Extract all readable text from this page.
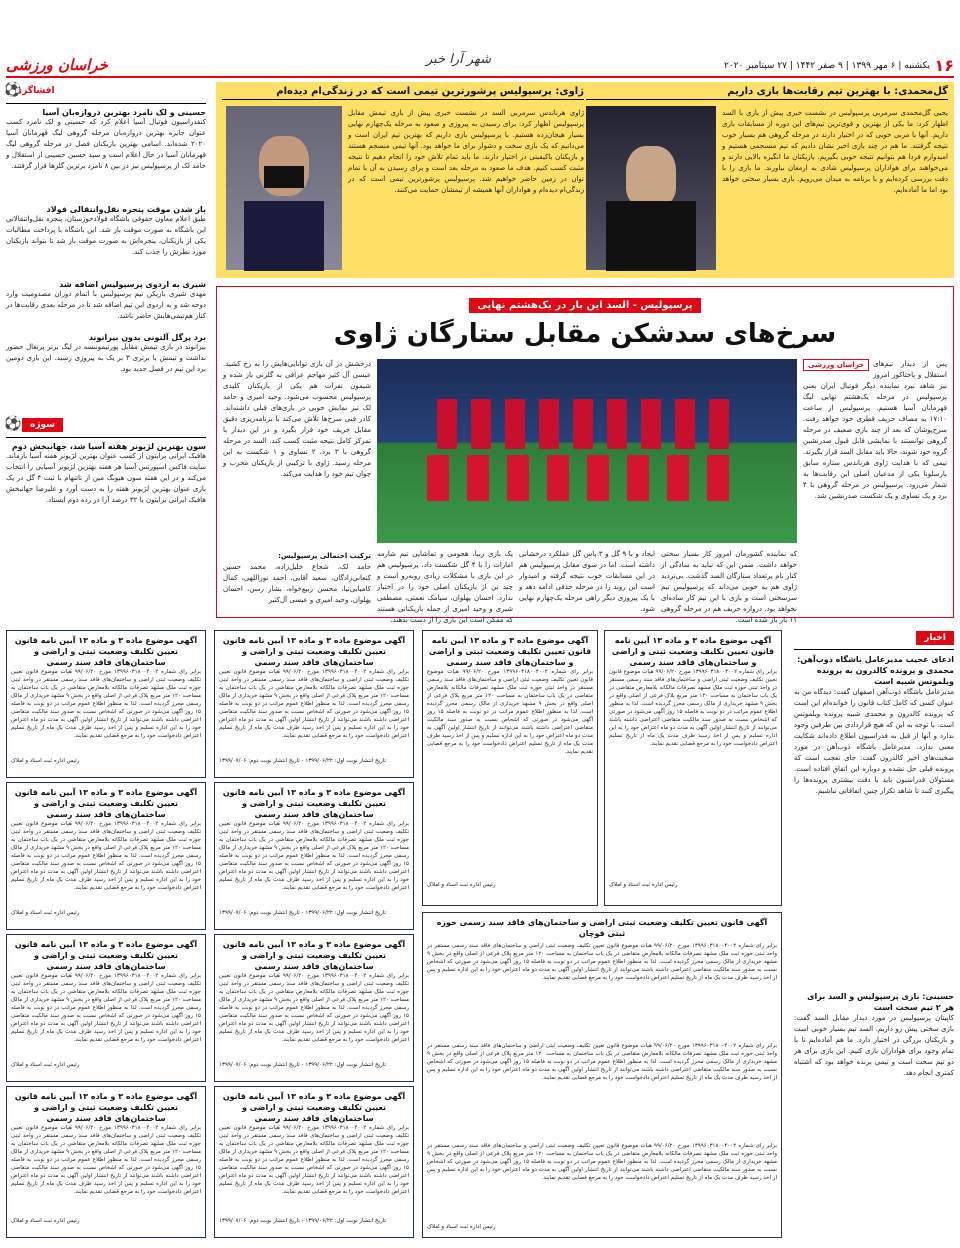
۱۶
یکشنبه | ۶ مهر ۱۳۹۹ | ۹ صفر ۱۴۴۲ | ۲۷ سپتامبر ۲۰۲۰
خراسان ورزشی	شهر آرا خبر
افشاگری
⚽
حسینی و لک نامزد بهترین دروازه‌بان آسیا
کنفدراسیون فوتبال آسیا اعلام کرد که حسینی و لک نامزد کسب عنوان جایزه بهترین دروازه‌بان مرحله گروهی لیگ قهرمانان آسیا ۲۰۲۰ شده‌اند. اسامی بهترین بازیکنان فصل در مرحله گروهی لیگ قهرمانان آسیا در حال اعلام است و سید حسین حسینی از استقلال و حامد لک از پرسپولیس نیز در بین ۸ نامزد برترین گلرها قرار گرفتند.
باز شدن موقت پنجره نقل‌وانتقالی فولاد
طبق اعلام معاون حقوقی باشگاه فولادخوزستان، پنجره نقل‌وانتقالاتی این باشگاه به صورت موقت باز شد. این باشگاه با پرداخت مطالبات یکی از بازیکنان، پنجره‌اش به صورت موقت باز شد تا بتواند بازیکنان مورد نظرش را جذب کند.
شیری به اردوی پرسپولیس اضافه شد
مهدی شیری بازیکن تیم پرسپولیس با اتمام دوران مصدومیت وارد دوحه شد و به اردوی این تیم اضافه شد تا در مرحله بعدی رقابت‌ها در کنار هم‌تیمی‌هایش حاضر باشد.
برد پرگل آلتونی بدون بیرانوند
بیرانوند در بازی تیمش مقابل پورتیموننسه در لیگ برتر پرتغال حضور نداشت و تیمش با برتری ۳ بر یک به پیروزی رسید. این بازی دومین برد این تیم در فصل جدید بود.
سوژه
⚽
سون بهترین لژیونر هفته آسیا شد، جهانبخش دوم
هافبک ایرانی برایتون از کسب عنوان بهترین لژیونر هفته آسیا بازماند. سایت فاکس اسپورتس آسیا هر هفته بهترین لژیونر آسیایی را انتخاب می‌کند و در این هفته سون هیونگ مین از تاتنهام با ثبت ۴ گل در یک بازی عنوان بهترین لژیونر هفته را به دست آورد و علیرضا جهانبخش هافبک ایرانی برایتون با ۳۲ درصد آرا در رده دوم ایستاد.
گل‌محمدی: با بهترین تیم رقابت‌ها بازی داریم
یحیی گل‌محمدی سرمربی پرسپولیس در نشست خبری پیش از بازی با السد اظهار کرد: ما یکی از بهترین و قوی‌ترین تیم‌های این دوره از مسابقات بازی داریم. آنها با مربی خوبی که در اختیار دارند در مرحله گروهی هم بسیار خوب نتیجه گرفتند. ما هم در چند بازی اخیر نشان دادیم که تیم منسجمی هستیم و امیدوارم فردا هم بتوانیم نتیجه خوبی بگیریم. بازیکنان ما انگیزه بالایی دارند و می‌خواهند برای هواداران پرسپولیس شادی به ارمغان بیاورند. ما بازی را با دقت بررسی کرده‌ایم و با برنامه به میدان می‌رویم. بازی بسیار سختی خواهد بود اما ما آماده‌ایم.
ژاوی: پرسپولیس پرشورترین تیمی است که در زندگی‌ام دیده‌ام
ژاوی هرناندس سرمربی السد در نشست خبری پیش از بازی تیمش مقابل پرسپولیس اظهار کرد: برای رسیدن به پیروزی و صعود به مرحله یک‌چهارم نهایی بسیار هیجان‌زده هستیم. با پرسپولیس بازی داریم که بهترین تیم ایران است و می‌دانیم که یک بازی سخت و دشوار برای ما خواهد بود. آنها تیمی منسجم هستند و بازیکنان باکیفیتی در اختیار دارند. ما باید تمام تلاش خود را انجام دهیم تا نتیجه مثبت کسب کنیم. هدف ما صعود به مرحله بعد است و برای رسیدن به آن با تمام توان در زمین حاضر خواهیم شد. پرسپولیس پرشورترین تیمی است که در زندگی‌ام دیده‌ام و هواداران آنها همیشه از تیمشان حمایت می‌کنند.
پرسپولیس - السد این بار در یک‌هشتم نهایی
سرخ‌های سدشکن مقابل ستارگان ژاوی
خراسان ورزشی	پس از دیدار تیم‌های استقلال و پاختاکور امروز نیز شاهد نبرد نماینده دیگر فوتبال ایران یعنی پرسپولیس در مرحله یک‌هشتم نهایی لیگ قهرمانان آسیا هستیم. پرسپولیس از ساعت ۱۷:۱۰ به مصاف حریف قطری خود خواهد رفت. سرخ‌پوشان که بعد از چند بازی ضعیف در مرحله گروهی توانستند با نمایشی قابل قبول صدرنشین گروه خود شوند، حالا باید مقابل السد قرار بگیرند. تیمی که با هدایت ژاوی هرناندس ستاره سابق بارسلونا یکی از مدعیان اصلی این رقابت‌ها به شمار می‌رود. پرسپولیس در مرحله گروهی با ۴ برد و یک تساوی و یک شکست صدرنشین شد.
که نماینده کشورمان امروز کار بسیار سختی خواهد داشت. ضمن این که نباید به سادگی از کنار نام پرتعداد ستارگان السد گذشت. بی‌تردید ژاوی هم به خوبی می‌داند که پرسپولیس تیم سرسختی است و بازی با این تیم کار ساده‌ای نخواهد بود. دروازه حریف هم در مرحله گروهی ۱۱ بار باز شده است.
ایجاد و با ۹ گل و ۳ پاس گل عملکرد درخشانی داشته است. اما در سوی مقابل پرسپولیس هم در این مسابقات خوب نتیجه گرفته و امیدوار است این روند را در مرحله حذفی ادامه دهد و با یک پیروزی دیگر راهی مرحله یک‌چهارم نهایی شود.
یک بازی زیبا، هجومی و تماشایی تیم شارمه امارات را با ۴ گل شکست داد. پرسپولیس هم در این بازی با مشکلات زیادی روبه‌رو است و چند تن از بازیکنان اصلی خود را در اختیار ندارد. احسان پهلوان، سیامک نعمتی، مصطفی شیری و وحید امیری از جمله بازیکنانی هستند که ممکن است این بازی را از دست بدهند.
درخشش در آن بازی توانایی‌هایش را به رخ کشید. عیسی آل کثیر مهاجم عراقی به گلزنی باز شده و شیمون تفرات هم یکی از بازیکنان کلیدی پرسپولیس محسوب می‌شود. وحید امیری و حامد لک نیز نمایش خوبی در بازی‌های قبلی داشته‌اند. کادر فنی سرخ‌ها تلاش می‌کند با برنامه‌ریزی دقیق مقابل حریف خود قرار بگیرد و در این دیدار با تمرکز کامل نتیجه مثبت کسب کند. السد در مرحله گروهی با ۳ برد، ۲ تساوی و ۱ شکست به این مرحله رسید. ژاوی با ترکیبی از بازیکنان مجرب و جوان تیم خود را هدایت می‌کند.
ترکیب احتمالی پرسپولیس:
حامد لک، شجاع خلیل‌زاده، محمد حسین کنعانی‌زادگان، سعید آقایی، احمد نوراللهی، کمال کامیابی‌نیا، محسن ربیع‌خواه، بشار رسن، احسان پهلوان، وحید امیری و عیسی آل‌کثیر
اخبار
ادعای عجیب مدیرعامل باشگاه ذوب‌آهن: محمدی و پرونده کالدرون به پرونده ویلموتس شبیه است
مدیرعامل باشگاه ذوب‌آهن اصفهان گفت: دیدگاه من به عنوان کسی که کامل کتاب قانون را خوانده‌ام این است که پرونده کالدرون و محمدی شبیه پرونده ویلموتس است. با توجه به این که هیچ قراردادی بین طرفین وجود ندارد و آنها از قبل به فدراسیون اطلاع داده‌اند شکایت معنی ندارد. مدیرعامل باشگاه ذوب‌آهن در مورد صحبت‌های اخیر کالدرون گفت: جای تعجب است که پرونده قبلی حل نشده و دوباره این اتفاق افتاده است. مسئولان فدراسیون باید با دقت بیشتری پرونده‌ها را پیگیری کنند تا شاهد تکرار چنین اتفاقاتی نباشیم.
حسینی: بازی پرسپولیس و السد برای هر ۲ تیم سخت است
کاپیتان پرسپولیس در مورد دیدار مقابل السد گفت: بازی سختی پیش رو داریم. السد تیم بسیار خوبی است و بازیکنان بزرگی در اختیار دارد. ما هم آماده‌ایم تا با تمام وجود برای هواداران بازی کنیم. این بازی برای هر دو تیم سخت است و تیمی برنده خواهد بود که اشتباه کمتری انجام دهد.
آگهی موضوع ماده ۳ و ماده ۱۳ آیین نامه قانون تعیین تکلیف وضعیت ثبتی و اراضی و ساختمان‌های فاقد سند رسمی

برابر رای شماره ۱۳۹۹۶۰۳۱۸۰۰۴۰۰۲ مورخ ۹۹/۰۶/۲۰ هیات موضوع قانون تعیین تکلیف وضعیت ثبتی اراضی و ساختمان‌های فاقد سند رسمی مستقر در واحد ثبتی حوزه ثبت ملک مشهد تصرفات مالکانه بلامعارض متقاضی در یک باب ساختمان به مساحت ۱۲۰ متر مربع پلاک فرعی از اصلی واقع در بخش ۹ مشهد خریداری از مالک رسمی محرز گردیده است. لذا به منظور اطلاع عموم مراتب در دو نوبت به فاصله ۱۵ روز آگهی می‌شود در صورتی که اشخاص نسبت به صدور سند مالکیت متقاضی اعتراضی داشته باشند می‌توانند از تاریخ انتشار اولین آگهی به مدت دو ماه اعتراض خود را به این اداره تسلیم و پس از اخذ رسید ظرف مدت یک ماه از تاریخ تسلیم اعتراض دادخواست خود را به مرجع قضایی تقدیم نمایند.

رئیس اداره ثبت اسناد و املاک
آگهی موضوع ماده ۳ و ماده ۱۳ آیین نامه قانون تعیین تکلیف وضعیت ثبتی و اراضی و ساختمان‌های فاقد سند رسمی

برابر رای شماره ۱۳۹۹۶۰۳۱۸۰۰۴۰۰۲ مورخ ۹۹/۰۶/۲۰ هیات موضوع قانون تعیین تکلیف وضعیت ثبتی اراضی و ساختمان‌های فاقد سند رسمی مستقر در واحد ثبتی حوزه ثبت ملک مشهد تصرفات مالکانه بلامعارض متقاضی در یک باب ساختمان به مساحت ۱۲۰ متر مربع پلاک فرعی از اصلی واقع در بخش ۹ مشهد خریداری از مالک رسمی محرز گردیده است. لذا به منظور اطلاع عموم مراتب در دو نوبت به فاصله ۱۵ روز آگهی می‌شود در صورتی که اشخاص نسبت به صدور سند مالکیت متقاضی اعتراضی داشته باشند می‌توانند از تاریخ انتشار اولین آگهی به مدت دو ماه اعتراض خود را به این اداره تسلیم و پس از اخذ رسید ظرف مدت یک ماه از تاریخ تسلیم اعتراض دادخواست خود را به مرجع قضایی تقدیم نمایند.

رئیس اداره ثبت اسناد و املاک
آگهی موضوع ماده ۳ و ماده ۱۳ آیین نامه قانون تعیین تکلیف وضعیت ثبتی و اراضی و ساختمان‌های فاقد سند رسمی

برابر رای شماره ۱۳۹۹۶۰۳۱۸۰۰۴۰۰۲ مورخ ۹۹/۰۶/۲۰ هیات موضوع قانون تعیین تکلیف وضعیت ثبتی اراضی و ساختمان‌های فاقد سند رسمی مستقر در واحد ثبتی حوزه ثبت ملک مشهد تصرفات مالکانه بلامعارض متقاضی در یک باب ساختمان به مساحت ۱۲۰ متر مربع پلاک فرعی از اصلی واقع در بخش ۹ مشهد خریداری از مالک رسمی محرز گردیده است. لذا به منظور اطلاع عموم مراتب در دو نوبت به فاصله ۱۵ روز آگهی می‌شود در صورتی که اشخاص نسبت به صدور سند مالکیت متقاضی اعتراضی داشته باشند می‌توانند از تاریخ انتشار اولین آگهی به مدت دو ماه اعتراض خود را به این اداره تسلیم و پس از اخذ رسید ظرف مدت یک ماه از تاریخ تسلیم اعتراض دادخواست خود را به مرجع قضایی تقدیم نمایند.

رئیس اداره ثبت اسناد و املاک
آگهی موضوع ماده ۳ و ماده ۱۳ آیین نامه قانون تعیین تکلیف وضعیت ثبتی و اراضی و ساختمان‌های فاقد سند رسمی

برابر رای شماره ۱۳۹۹۶۰۳۱۸۰۰۴۰۰۲ مورخ ۹۹/۰۶/۲۰ هیات موضوع قانون تعیین تکلیف وضعیت ثبتی اراضی و ساختمان‌های فاقد سند رسمی مستقر در واحد ثبتی حوزه ثبت ملک مشهد تصرفات مالکانه بلامعارض متقاضی در یک باب ساختمان به مساحت ۱۲۰ متر مربع پلاک فرعی از اصلی واقع در بخش ۹ مشهد خریداری از مالک رسمی محرز گردیده است. لذا به منظور اطلاع عموم مراتب در دو نوبت به فاصله ۱۵ روز آگهی می‌شود در صورتی که اشخاص نسبت به صدور سند مالکیت متقاضی اعتراضی داشته باشند می‌توانند از تاریخ انتشار اولین آگهی به مدت دو ماه اعتراض خود را به این اداره تسلیم و پس از اخذ رسید ظرف مدت یک ماه از تاریخ تسلیم اعتراض دادخواست خود را به مرجع قضایی تقدیم نمایند.

رئیس اداره ثبت اسناد و املاک
آگهی موضوع ماده ۳ و ماده ۱۳ آیین نامه قانون تعیین تکلیف وضعیت ثبتی و اراضی و ساختمان‌های فاقد سند رسمی

برابر رای شماره ۱۳۹۹۶۰۳۱۸۰۰۴۰۰۲ مورخ ۹۹/۰۶/۲۰ هیات موضوع قانون تعیین تکلیف وضعیت ثبتی اراضی و ساختمان‌های فاقد سند رسمی مستقر در واحد ثبتی حوزه ثبت ملک مشهد تصرفات مالکانه بلامعارض متقاضی در یک باب ساختمان به مساحت ۱۲۰ متر مربع پلاک فرعی از اصلی واقع در بخش ۹ مشهد خریداری از مالک رسمی محرز گردیده است. لذا به منظور اطلاع عموم مراتب در دو نوبت به فاصله ۱۵ روز آگهی می‌شود در صورتی که اشخاص نسبت به صدور سند مالکیت متقاضی اعتراضی داشته باشند می‌توانند از تاریخ انتشار اولین آگهی به مدت دو ماه اعتراض خود را به این اداره تسلیم و پس از اخذ رسید ظرف مدت یک ماه از تاریخ تسلیم اعتراض دادخواست خود را به مرجع قضایی تقدیم نمایند.

تاریخ انتشار نوبت اول: ۱۳۹۹/۰۶/۲۲ - تاریخ انتشار نوبت دوم: ۱۳۹۹/۰۷/۰۶
آگهی موضوع ماده ۳ و ماده ۱۳ آیین نامه قانون تعیین تکلیف وضعیت ثبتی و اراضی و ساختمان‌های فاقد سند رسمی

برابر رای شماره ۱۳۹۹۶۰۳۱۸۰۰۴۰۰۲ مورخ ۹۹/۰۶/۲۰ هیات موضوع قانون تعیین تکلیف وضعیت ثبتی اراضی و ساختمان‌های فاقد سند رسمی مستقر در واحد ثبتی حوزه ثبت ملک مشهد تصرفات مالکانه بلامعارض متقاضی در یک باب ساختمان به مساحت ۱۲۰ متر مربع پلاک فرعی از اصلی واقع در بخش ۹ مشهد خریداری از مالک رسمی محرز گردیده است. لذا به منظور اطلاع عموم مراتب در دو نوبت به فاصله ۱۵ روز آگهی می‌شود در صورتی که اشخاص نسبت به صدور سند مالکیت متقاضی اعتراضی داشته باشند می‌توانند از تاریخ انتشار اولین آگهی به مدت دو ماه اعتراض خود را به این اداره تسلیم و پس از اخذ رسید ظرف مدت یک ماه از تاریخ تسلیم اعتراض دادخواست خود را به مرجع قضایی تقدیم نمایند.

تاریخ انتشار نوبت اول: ۱۳۹۹/۰۶/۲۲ - تاریخ انتشار نوبت دوم: ۱۳۹۹/۰۷/۰۶
آگهی موضوع ماده ۳ و ماده ۱۳ آیین نامه قانون تعیین تکلیف وضعیت ثبتی و اراضی و ساختمان‌های فاقد سند رسمی

برابر رای شماره ۱۳۹۹۶۰۳۱۸۰۰۴۰۰۲ مورخ ۹۹/۰۶/۲۰ هیات موضوع قانون تعیین تکلیف وضعیت ثبتی اراضی و ساختمان‌های فاقد سند رسمی مستقر در واحد ثبتی حوزه ثبت ملک مشهد تصرفات مالکانه بلامعارض متقاضی در یک باب ساختمان به مساحت ۱۲۰ متر مربع پلاک فرعی از اصلی واقع در بخش ۹ مشهد خریداری از مالک رسمی محرز گردیده است. لذا به منظور اطلاع عموم مراتب در دو نوبت به فاصله ۱۵ روز آگهی می‌شود در صورتی که اشخاص نسبت به صدور سند مالکیت متقاضی اعتراضی داشته باشند می‌توانند از تاریخ انتشار اولین آگهی به مدت دو ماه اعتراض خود را به این اداره تسلیم و پس از اخذ رسید ظرف مدت یک ماه از تاریخ تسلیم اعتراض دادخواست خود را به مرجع قضایی تقدیم نمایند.

تاریخ انتشار نوبت اول: ۱۳۹۹/۰۶/۲۲ - تاریخ انتشار نوبت دوم: ۱۳۹۹/۰۷/۰۶
آگهی موضوع ماده ۳ و ماده ۱۳ آیین نامه قانون تعیین تکلیف وضعیت ثبتی و اراضی و ساختمان‌های فاقد سند رسمی

برابر رای شماره ۱۳۹۹۶۰۳۱۸۰۰۴۰۰۲ مورخ ۹۹/۰۶/۲۰ هیات موضوع قانون تعیین تکلیف وضعیت ثبتی اراضی و ساختمان‌های فاقد سند رسمی مستقر در واحد ثبتی حوزه ثبت ملک مشهد تصرفات مالکانه بلامعارض متقاضی در یک باب ساختمان به مساحت ۱۲۰ متر مربع پلاک فرعی از اصلی واقع در بخش ۹ مشهد خریداری از مالک رسمی محرز گردیده است. لذا به منظور اطلاع عموم مراتب در دو نوبت به فاصله ۱۵ روز آگهی می‌شود در صورتی که اشخاص نسبت به صدور سند مالکیت متقاضی اعتراضی داشته باشند می‌توانند از تاریخ انتشار اولین آگهی به مدت دو ماه اعتراض خود را به این اداره تسلیم و پس از اخذ رسید ظرف مدت یک ماه از تاریخ تسلیم اعتراض دادخواست خود را به مرجع قضایی تقدیم نمایند.

تاریخ انتشار نوبت اول: ۱۳۹۹/۰۶/۲۲ - تاریخ انتشار نوبت دوم: ۱۳۹۹/۰۷/۰۶
آگهی موضوع ماده ۳ و ماده ۱۳ آیین نامه قانون تعیین تکلیف وضعیت ثبتی و اراضی و ساختمان‌های فاقد سند رسمی

برابر رای شماره ۱۳۹۹۶۰۳۱۸۰۰۴۰۰۲ مورخ ۹۹/۰۶/۲۰ هیات موضوع قانون تعیین تکلیف وضعیت ثبتی اراضی و ساختمان‌های فاقد سند رسمی مستقر در واحد ثبتی حوزه ثبت ملک مشهد تصرفات مالکانه بلامعارض متقاضی در یک باب ساختمان به مساحت ۱۲۰ متر مربع پلاک فرعی از اصلی واقع در بخش ۹ مشهد خریداری از مالک رسمی محرز گردیده است. لذا به منظور اطلاع عموم مراتب در دو نوبت به فاصله ۱۵ روز آگهی می‌شود در صورتی که اشخاص نسبت به صدور سند مالکیت متقاضی اعتراضی داشته باشند می‌توانند از تاریخ انتشار اولین آگهی به مدت دو ماه اعتراض خود را به این اداره تسلیم و پس از اخذ رسید ظرف مدت یک ماه از تاریخ تسلیم اعتراض دادخواست خود را به مرجع قضایی تقدیم نمایند.

رئیس اداره ثبت اسناد و املاک
آگهی موضوع ماده ۳ و ماده ۱۳ آیین نامه قانون تعیین تکلیف وضعیت ثبتی و اراضی و ساختمان‌های فاقد سند رسمی

برابر رای شماره ۱۳۹۹۶۰۳۱۸۰۰۴۰۰۲ مورخ ۹۹/۰۶/۲۰ هیات موضوع قانون تعیین تکلیف وضعیت ثبتی اراضی و ساختمان‌های فاقد سند رسمی مستقر در واحد ثبتی حوزه ثبت ملک مشهد تصرفات مالکانه بلامعارض متقاضی در یک باب ساختمان به مساحت ۱۲۰ متر مربع پلاک فرعی از اصلی واقع در بخش ۹ مشهد خریداری از مالک رسمی محرز گردیده است. لذا به منظور اطلاع عموم مراتب در دو نوبت به فاصله ۱۵ روز آگهی می‌شود در صورتی که اشخاص نسبت به صدور سند مالکیت متقاضی اعتراضی داشته باشند می‌توانند از تاریخ انتشار اولین آگهی به مدت دو ماه اعتراض خود را به این اداره تسلیم و پس از اخذ رسید ظرف مدت یک ماه از تاریخ تسلیم اعتراض دادخواست خود را به مرجع قضایی تقدیم نمایند.

رئیس اداره ثبت اسناد و املاک
آگهی قانون تعیین تکلیف وضعیت ثبتی اراضی و ساختمان‌های فاقد سند رسمی حوزه ثبتی قوچان

برابر رای شماره ۱۳۹۹۶۰۳۱۸۰۰۴۰۰۲ مورخ ۹۹/۰۶/۲۰ هیات موضوع قانون تعیین تکلیف وضعیت ثبتی اراضی و ساختمان‌های فاقد سند رسمی مستقر در واحد ثبتی حوزه ثبت ملک مشهد تصرفات مالکانه بلامعارض متقاضی در یک باب ساختمان به مساحت ۱۲۰ متر مربع پلاک فرعی از اصلی واقع در بخش ۹ مشهد خریداری از مالک رسمی محرز گردیده است. لذا به منظور اطلاع عموم مراتب در دو نوبت به فاصله ۱۵ روز آگهی می‌شود در صورتی که اشخاص نسبت به صدور سند مالکیت متقاضی اعتراضی داشته باشند می‌توانند از تاریخ انتشار اولین آگهی به مدت دو ماه اعتراض خود را به این اداره تسلیم و پس از اخذ رسید ظرف مدت یک ماه از تاریخ تسلیم اعتراض دادخواست خود را به مرجع قضایی تقدیم نمایند.

برابر رای شماره ۱۳۹۹۶۰۳۱۸۰۰۴۰۰۲ مورخ ۹۹/۰۶/۲۰ هیات موضوع قانون تعیین تکلیف وضعیت ثبتی اراضی و ساختمان‌های فاقد سند رسمی مستقر در واحد ثبتی حوزه ثبت ملک مشهد تصرفات مالکانه بلامعارض متقاضی در یک باب ساختمان به مساحت ۱۲۰ متر مربع پلاک فرعی از اصلی واقع در بخش ۹ مشهد خریداری از مالک رسمی محرز گردیده است. لذا به منظور اطلاع عموم مراتب در دو نوبت به فاصله ۱۵ روز آگهی می‌شود در صورتی که اشخاص نسبت به صدور سند مالکیت متقاضی اعتراضی داشته باشند می‌توانند از تاریخ انتشار اولین آگهی به مدت دو ماه اعتراض خود را به این اداره تسلیم و پس از اخذ رسید ظرف مدت یک ماه از تاریخ تسلیم اعتراض دادخواست خود را به مرجع قضایی تقدیم نمایند.

برابر رای شماره ۱۳۹۹۶۰۳۱۸۰۰۴۰۰۲ مورخ ۹۹/۰۶/۲۰ هیات موضوع قانون تعیین تکلیف وضعیت ثبتی اراضی و ساختمان‌های فاقد سند رسمی مستقر در واحد ثبتی حوزه ثبت ملک مشهد تصرفات مالکانه بلامعارض متقاضی در یک باب ساختمان به مساحت ۱۲۰ متر مربع پلاک فرعی از اصلی واقع در بخش ۹ مشهد خریداری از مالک رسمی محرز گردیده است. لذا به منظور اطلاع عموم مراتب در دو نوبت به فاصله ۱۵ روز آگهی می‌شود در صورتی که اشخاص نسبت به صدور سند مالکیت متقاضی اعتراضی داشته باشند می‌توانند از تاریخ انتشار اولین آگهی به مدت دو ماه اعتراض خود را به این اداره تسلیم و پس از اخذ رسید ظرف مدت یک ماه از تاریخ تسلیم اعتراض دادخواست خود را به مرجع قضایی تقدیم نمایند.

رئیس اداره ثبت اسناد و املاک
